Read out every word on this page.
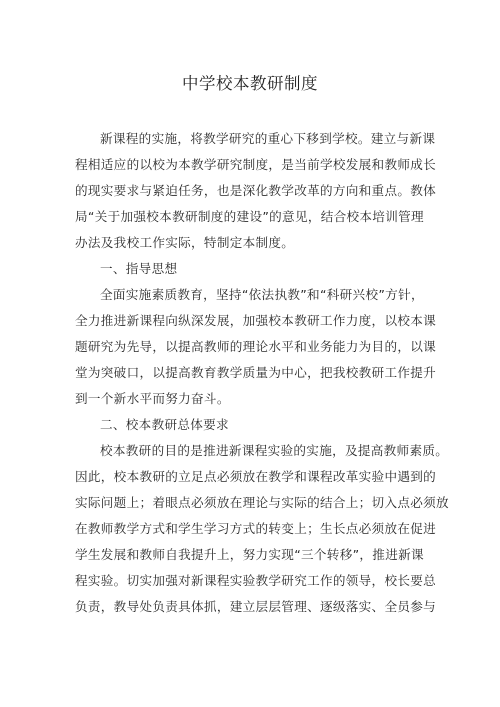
中学校本教研制度
新课程的实施，将教学研究的重心下移到学校。建立与新课
程相适应的以校为本教学研究制度，是当前学校发展和教师成长
的现实要求与紧迫任务，也是深化教学改革的方向和重点。教体
局“关于加强校本教研制度的建设”的意见，结合校本培训管理
办法及我校工作实际，特制定本制度。
一、指导思想
全面实施素质教育，坚持“依法执教”和“科研兴校”方针，
全力推进新课程向纵深发展，加强校本教研工作力度，以校本课
题研究为先导，以提高教师的理论水平和业务能力为目的，以课
堂为突破口，以提高教育教学质量为中心，把我校教研工作提升
到一个新水平而努力奋斗。
二、校本教研总体要求
校本教研的目的是推进新课程实验的实施，及提高教师素质。
因此，校本教研的立足点必须放在教学和课程改革实验中遇到的
实际问题上；着眼点必须放在理论与实际的结合上；切入点必须放
在教师教学方式和学生学习方式的转变上；生长点必须放在促进
学生发展和教师自我提升上，努力实现“三个转移”，推进新课
程实验。切实加强对新课程实验教学研究工作的领导，校长要总
负责，教导处负责具体抓，建立层层管理、逐级落实、全员参与
